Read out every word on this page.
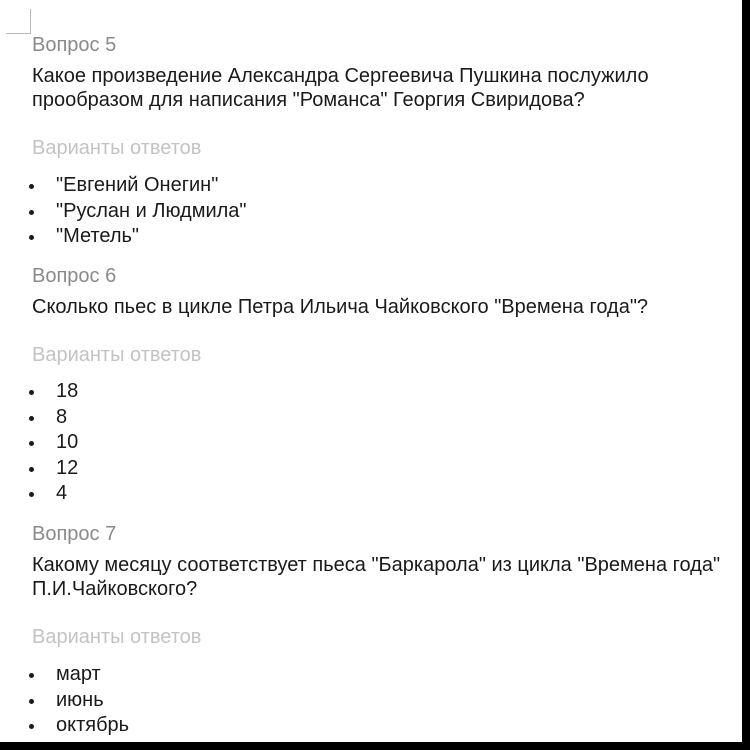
Вопрос 5
Какое произведение Александра Сергеевича Пушкина послужило
прообразом для написания "Романса" Георгия Свиридова?
Варианты ответов
"Евгений Онегин"
"Руслан и Людмила"
"Метель"
Вопрос 6
Сколько пьес в цикле Петра Ильича Чайковского "Времена года"?
Варианты ответов
18
8
10
12
4
Вопрос 7
Какому месяцу соответствует пьеса "Баркарола" из цикла "Времена года"
П.И.Чайковского?
Варианты ответов
март
июнь
октябрь
